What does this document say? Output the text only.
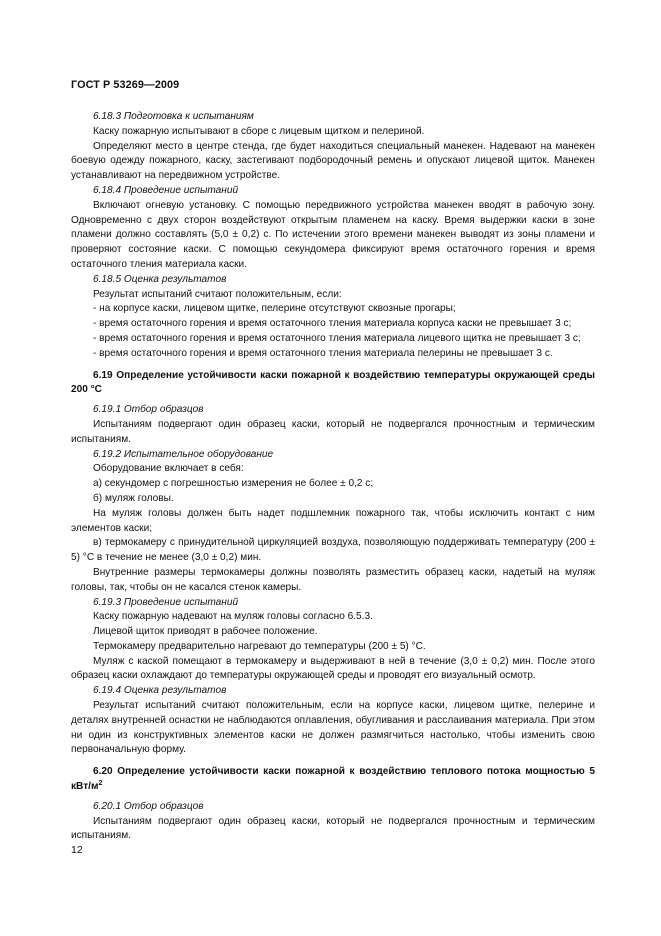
ГОСТ Р 53269—2009

6.18.3 Подготовка к испытаниям

Каску пожарную испытывают в сборе с лицевым щитком и пелериной.

Определяют место в центре стенда, где будет находиться специальный манекен. Надевают на манекен боевую одежду пожарного, каску, застегивают подбородочный ремень и опускают лицевой щиток. Манекен устанавливают на передвижном устройстве.

6.18.4 Проведение испытаний

Включают огневую установку. С помощью передвижного устройства манекен вводят в рабочую зону. Одновременно с двух сторон воздействуют открытым пламенем на каску. Время выдержки каски в зоне пламени должно составлять (5,0 ± 0,2) с. По истечении этого времени манекен выводят из зоны пламени и проверяют состояние каски. С помощью секундомера фиксируют время остаточного горения и время остаточного тления материала каски.

6.18.5 Оценка результатов

Результат испытаний считают положительным, если:

- на корпусе каски, лицевом щитке, пелерине отсутствуют сквозные прогары;

- время остаточного горения и время остаточного тления материала корпуса каски не превышает 3 с;

- время остаточного горения и время остаточного тления материала лицевого щитка не превышает 3 с;

- время остаточного горения и время остаточного тления материала пелерины не превышает 3 с.

6.19 Определение устойчивости каски пожарной к воздействию температуры окружающей среды 200 °С

6.19.1 Отбор образцов

Испытаниям подвергают один образец каски, который не подвергался прочностным и термическим испытаниям.

6.19.2 Испытательное оборудование

Оборудование включает в себя:

а) секундомер с погрешностью измерения не более ± 0,2 с;

б) муляж головы.

На муляж головы должен быть надет подшлемник пожарного так, чтобы исключить контакт с ним элементов каски;

в) термокамеру с принудительной циркуляцией воздуха, позволяющую поддерживать температуру (200 ± 5) °С в течение не менее (3,0 ± 0,2) мин.

Внутренние размеры термокамеры должны позволять разместить образец каски, надетый на муляж головы, так, чтобы он не касался стенок камеры.

6.19.3 Проведение испытаний

Каску пожарную надевают на муляж головы согласно 6.5.3.

Лицевой щиток приводят в рабочее положение.

Термокамеру предварительно нагревают до температуры (200 ± 5) °С.

Муляж с каской помещают в термокамеру и выдерживают в ней в течение (3,0 ± 0,2) мин. После этого образец каски охлаждают до температуры окружающей среды и проводят его визуальный осмотр.

6.19.4 Оценка результатов

Результат испытаний считают положительным, если на корпусе каски, лицевом щитке, пелерине и деталях внутренней оснастки не наблюдаются оплавления, обугливания и расслаивания материала. При этом ни один из конструктивных элементов каски не должен размягчиться настолько, чтобы изменить свою первоначальную форму.

6.20 Определение устойчивости каски пожарной к воздействию теплового потока мощностью 5 кВт/$м^2$

6.20.1 Отбор образцов

Испытаниям подвергают один образец каски, который не подвергался прочностным и термическим испытаниям.

12
